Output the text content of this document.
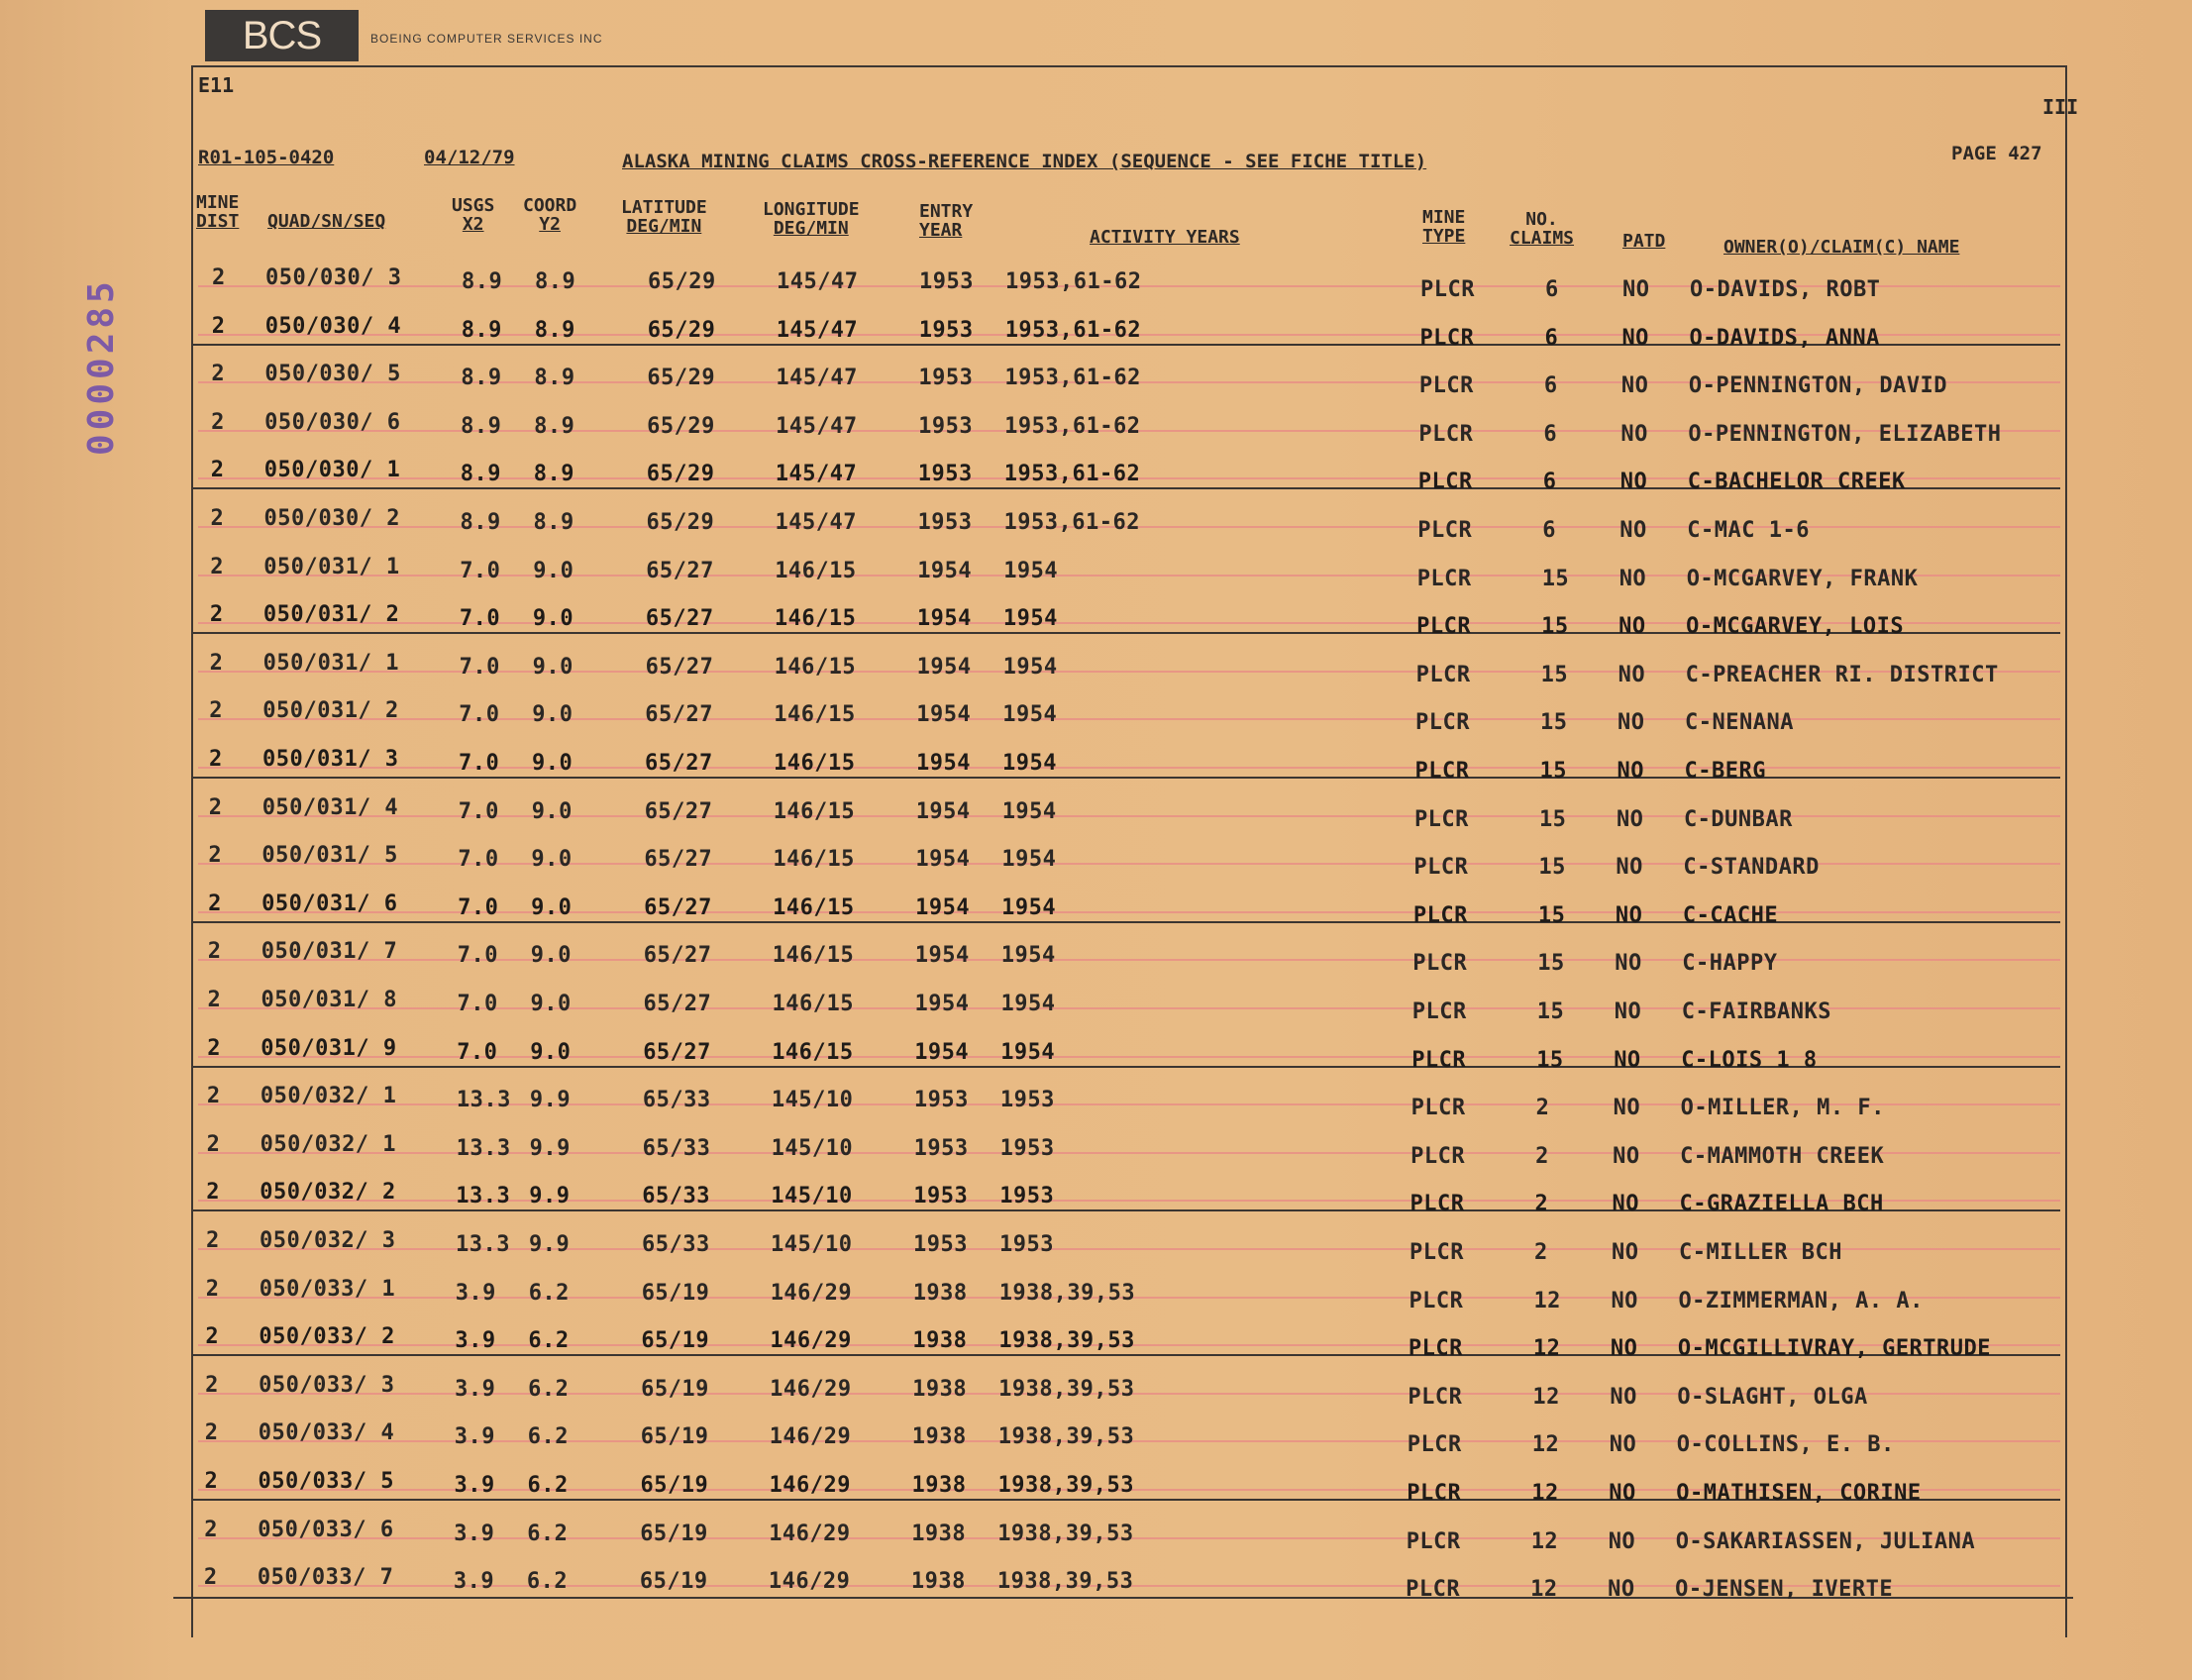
BCS	BOEING COMPUTER SERVICES INC
0000285
E11
III
R01-105-0420	04/12/79	ALASKA MINING CLAIMS CROSS-REFERENCE INDEX (SEQUENCE - SEE FICHE TITLE)	PAGE 427
MINE
DIST QUAD/SN/SEQ
USGS
X2
COORD
Y2
LATITUDE
DEG/MIN
LONGITUDE
DEG/MIN
ENTRY
YEAR	ACTIVITY YEARS
MINE
TYPE
NO.
CLAIMS	PATD	OWNER(O)/CLAIM(C) NAME
2 050/030/ 3	8.9 8.9	65/29	145/47	1953 1953,61-62	PLCR	6	NO O-DAVIDS, ROBT
2 050/030/ 4	8.9 8.9	65/29	145/47	1953 1953,61-62	PLCR	6	NO O-DAVIDS, ANNA
2 050/030/ 5	8.9 8.9	65/29	145/47	1953 1953,61-62	PLCR	6	NO O-PENNINGTON, DAVID
2 050/030/ 6	8.9 8.9	65/29	145/47	1953 1953,61-62	PLCR	6	NO O-PENNINGTON, ELIZABETH
2 050/030/ 1	8.9 8.9	65/29	145/47	1953 1953,61-62	PLCR	6	NO C-BACHELOR CREEK
2 050/030/ 2	8.9 8.9	65/29	145/47	1953 1953,61-62	PLCR	6	NO C-MAC 1-6
2 050/031/ 1	7.0 9.0	65/27	146/15	1954 1954	PLCR	15 NO O-MCGARVEY, FRANK
2 050/031/ 2	7.0 9.0	65/27	146/15	1954 1954	PLCR	15 NO O-MCGARVEY, LOIS
2 050/031/ 1	7.0 9.0	65/27	146/15	1954 1954	PLCR	15 NO C-PREACHER RI. DISTRICT
2 050/031/ 2	7.0 9.0	65/27	146/15	1954 1954	PLCR	15 NO C-NENANA
2 050/031/ 3	7.0 9.0	65/27	146/15	1954 1954	PLCR	15 NO C-BERG
2 050/031/ 4	7.0 9.0	65/27	146/15	1954 1954	PLCR	15 NO C-DUNBAR
2 050/031/ 5	7.0 9.0	65/27	146/15	1954 1954	PLCR	15 NO C-STANDARD
2 050/031/ 6	7.0 9.0	65/27	146/15	1954 1954	PLCR	15 NO C-CACHE
2 050/031/ 7	7.0 9.0	65/27	146/15	1954 1954	PLCR	15 NO C-HAPPY
2 050/031/ 8	7.0 9.0	65/27	146/15	1954 1954	PLCR	15 NO C-FAIRBANKS
2 050/031/ 9	7.0 9.0	65/27	146/15	1954 1954	PLCR	15 NO C-LOIS 1 8
2 050/032/ 1	13.3 9.9	65/33	145/10	1953 1953	PLCR	2	NO O-MILLER, M. F.
2 050/032/ 1	13.3 9.9	65/33	145/10	1953 1953	PLCR	2	NO C-MAMMOTH CREEK
2 050/032/ 2	13.3 9.9	65/33	145/10	1953 1953	PLCR	2	NO C-GRAZIELLA BCH
2 050/032/ 3	13.3 9.9	65/33	145/10	1953 1953	PLCR	2	NO C-MILLER BCH
2 050/033/ 1	3.9 6.2	65/19	146/29	1938 1938,39,53	PLCR	12 NO O-ZIMMERMAN, A. A.
2 050/033/ 2	3.9 6.2	65/19	146/29	1938 1938,39,53	PLCR	12 NO O-MCGILLIVRAY, GERTRUDE
2 050/033/ 3	3.9 6.2	65/19	146/29	1938 1938,39,53	PLCR	12 NO O-SLAGHT, OLGA
2 050/033/ 4	3.9 6.2	65/19	146/29	1938 1938,39,53	PLCR	12 NO O-COLLINS, E. B.
2 050/033/ 5	3.9 6.2	65/19	146/29	1938 1938,39,53	PLCR	12 NO O-MATHISEN, CORINE
2 050/033/ 6	3.9 6.2	65/19	146/29	1938 1938,39,53	PLCR	12 NO O-SAKARIASSEN, JULIANA
2 050/033/ 7	3.9 6.2	65/19	146/29	1938 1938,39,53	PLCR	12 NO O-JENSEN, IVERTE
